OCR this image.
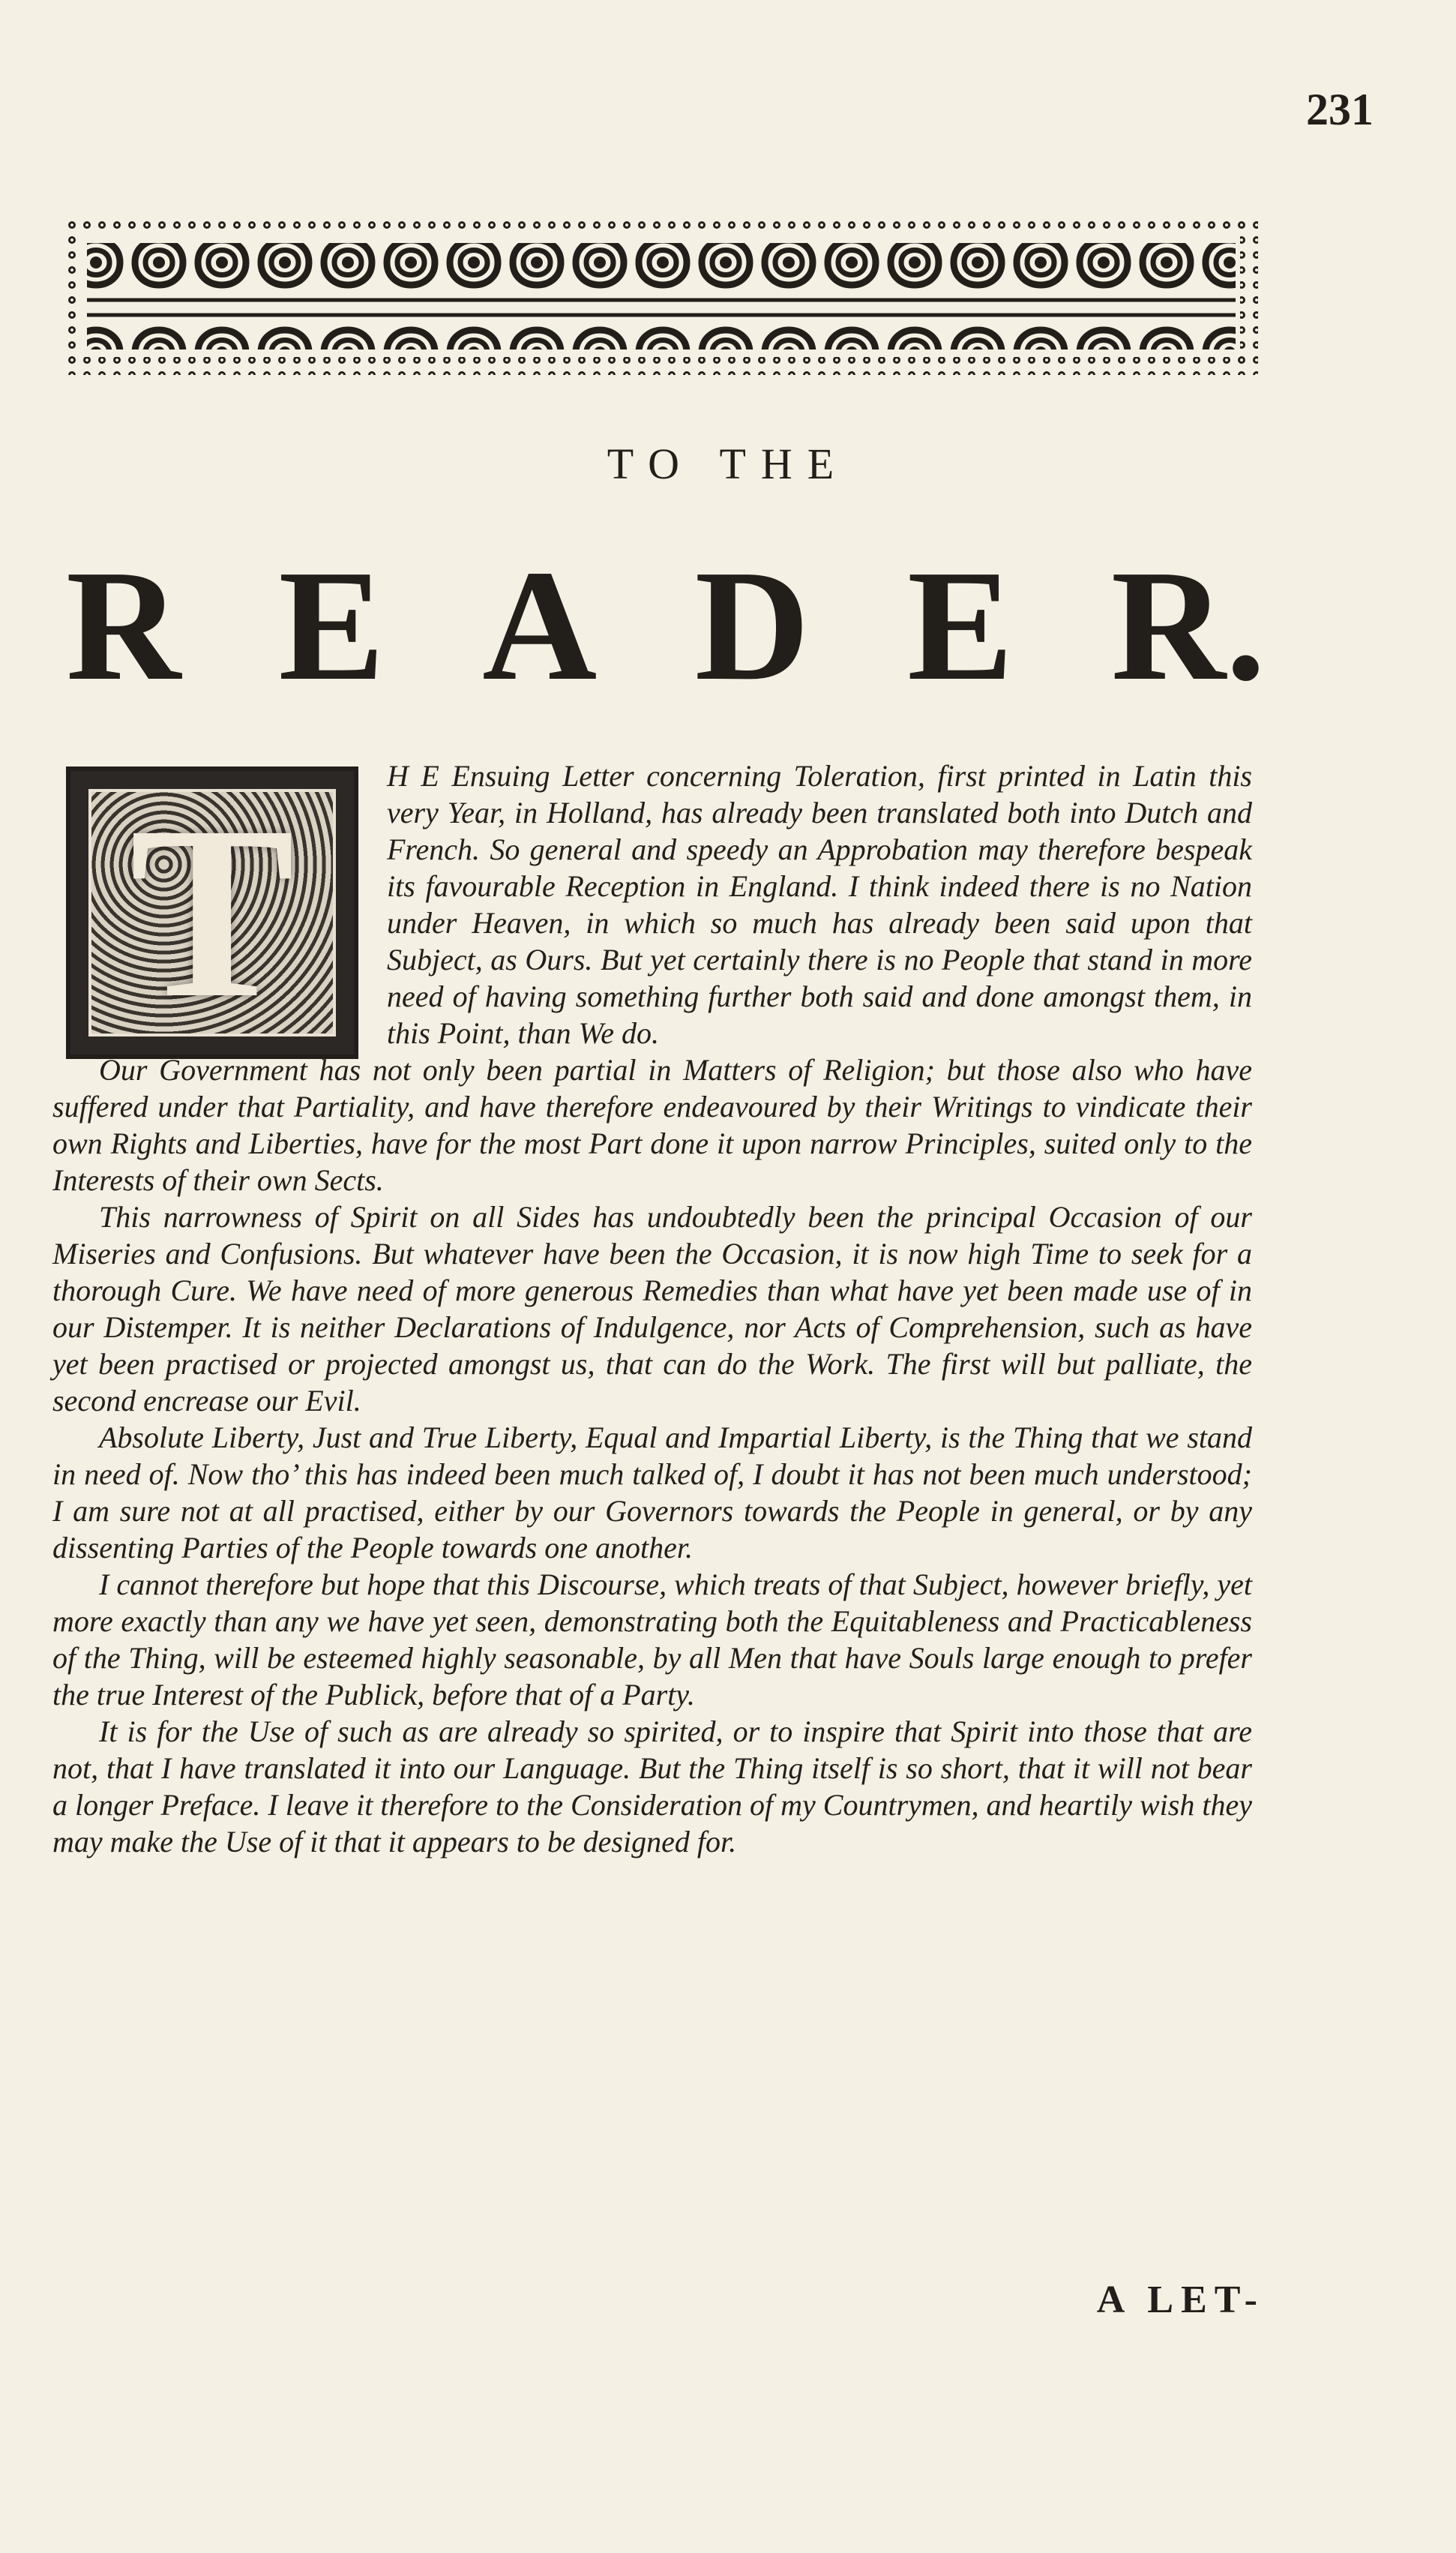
231
TO THE
R E A D E R.
T	H E Ensuing Letter concerning Toleration, first printed in Latin this very Year, in Holland, has already been translated both into Dutch and French. So general and speedy an Approbation may therefore bespeak its favourable Reception in England. I think indeed there is no Nation under Heaven, in which so much has already been said upon that Subject, as Ours. But yet certainly there is no People that stand in more need of having something further both said and done amongst them, in this Point, than We do.

Our Government has not only been partial in Matters of Religion; but those also who have suffered under that Partiality, and have therefore endeavoured by their Writings to vindicate their own Rights and Liberties, have for the most Part done it upon narrow Principles, suited only to the Interests of their own Sects.

This narrowness of Spirit on all Sides has undoubtedly been the principal Occasion of our Miseries and Confusions. But whatever have been the Occasion, it is now high Time to seek for a thorough Cure. We have need of more generous Remedies than what have yet been made use of in our Distemper. It is neither Declarations of Indulgence, nor Acts of Comprehension, such as have yet been practised or projected amongst us, that can do the Work. The first will but palliate, the second encrease our Evil.

Absolute Liberty, Just and True Liberty, Equal and Impartial Liberty, is the Thing that we stand in need of. Now tho’ this has indeed been much talked of, I doubt it has not been much understood; I am sure not at all practised, either by our Governors towards the People in general, or by any dissenting Parties of the People towards one another.

I cannot therefore but hope that this Discourse, which treats of that Subject, however briefly, yet more exactly than any we have yet seen, demonstrating both the Equitableness and Practicableness of the Thing, will be esteemed highly seasonable, by all Men that have Souls large enough to prefer the true Interest of the Publick, before that of a Party.

It is for the Use of such as are already so spirited, or to inspire that Spirit into those that are not, that I have translated it into our Language. But the Thing itself is so short, that it will not bear a longer Preface. I leave it therefore to the Consideration of my Countrymen, and heartily wish they may make the Use of it that it appears to be designed for.

A LET-
